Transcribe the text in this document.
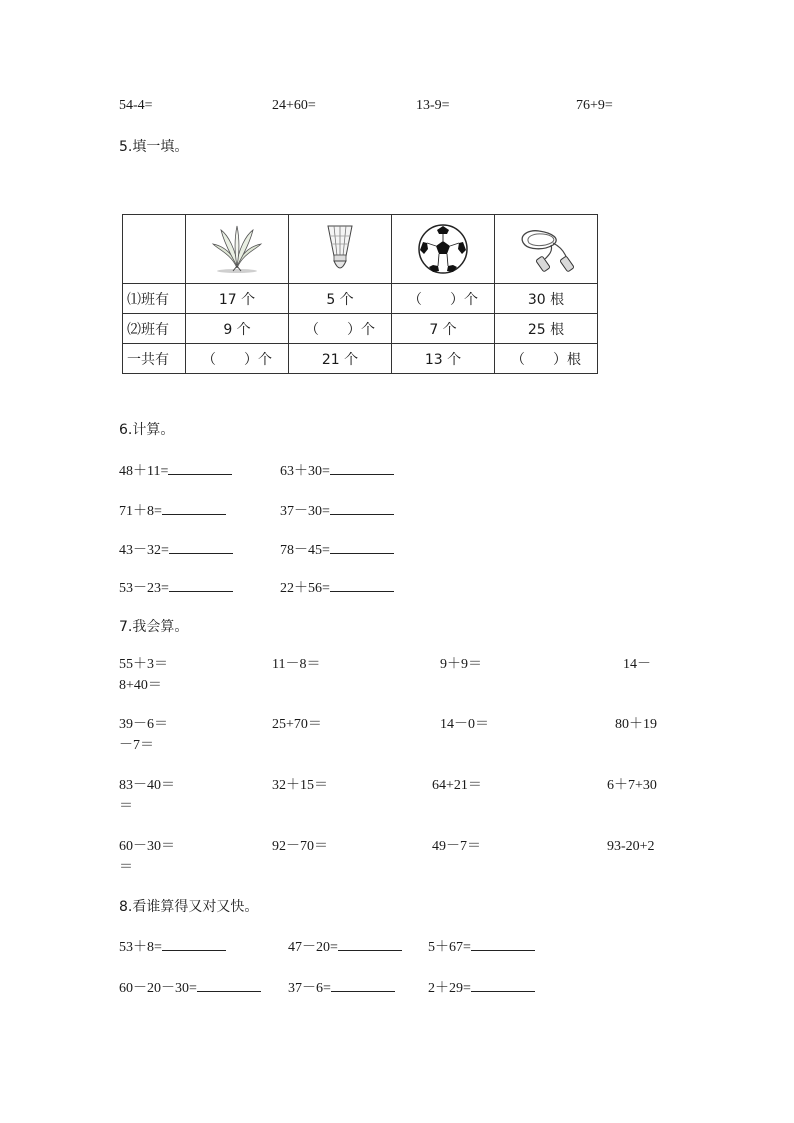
54-4=	24+60=	13-9=	76+9=
5.填一填。

⑴班有	17 个	5 个	（　　）个	30 根
⑵班有	9 个	（　　）个	7 个	25 根
一共有	（　　）个	21 个	13 个	（　　）根
6.计算。
48＋11=	63＋30=
71＋8=	37－30=
43－32=	78－45=
53－23=	22＋56=
7.我会算。
55＋3＝	11－8＝	9＋9＝	14－
8+40＝
39－6＝	25+70＝	14－0＝	80＋19
－7＝
83－40＝	32＋15＝	64+21＝	6＋7+30
＝
60－30＝	92－70＝	49－7＝	93-20+2
＝
8.看谁算得又对又快。
53＋8=	47－20=	5＋67=
60－20－30=	37－6=	2＋29=
